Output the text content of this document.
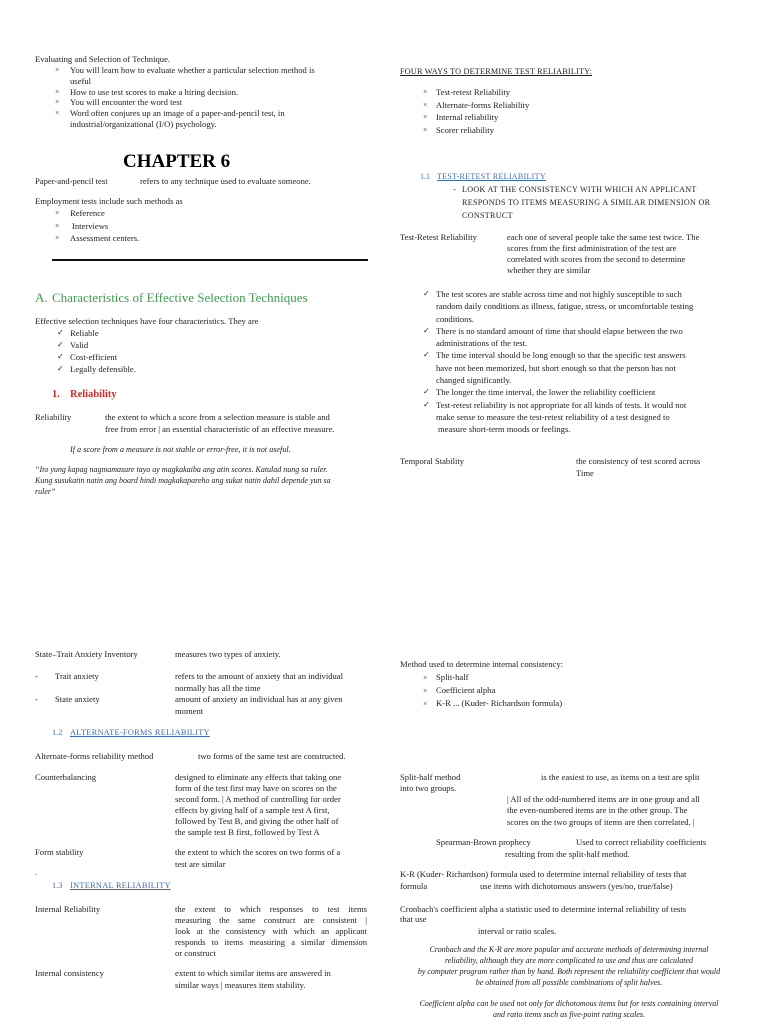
Evaluating and Selection of Technique.
×	You will learn how to evaluate whether a particular selection method is
useful
×	How to use test scores to make a hiring decision.
×	You will encounter the word test
×	Word often conjures up an image of a paper-and-pencil test, in
industrial/organizational (I/O) psychology.
CHAPTER 6
Paper-and-pencil test	refers to any technique used to evaluate someone.
Employment tests include such methods as
×	Reference
×	Interviews
×	Assessment centers.
A. Characteristics of Effective Selection Techniques
Effective selection techniques have four characteristics. They are
✓ Reliable
✓ Valid
✓ Cost-efficient
✓ Legally defensible.
1. Reliability
Reliability	the extent to which a score from a selection measure is stable and
free from error | an essential characteristic of an effective measure.
If a score from a measure is not stable or error-free, it is not useful.
“Ito yung kapag nagmamasure tayo ay magkakaiba ang atin scores. Katulad nung sa ruler.
Kung susukatin natin ang board hindi magkakapareho ang sukat natin dahil depende yun sa
ruler”
FOUR WAYS TO DETERMINE TEST RELIABILITY:
×	Test-retest Reliability
×	Alternate-forms Reliability
×	Internal reliability
×	Scorer reliability
1.1 TEST-RETEST RELIABILITY
- LOOK AT THE CONSISTENCY WITH WHICH AN APPLICANT
RESPONDS TO ITEMS MEASURING A SIMILAR DIMENSION OR
CONSTRUCT
Test-Retest Reliability	each one of several people take the same test twice. The
scores from the first administration of the test are
correlated with scores from the second to determine
whether they are similar
✓ The test scores are stable across time and not highly susceptible to such
random daily conditions as illness, fatigue, stress, or uncomfortable testing
conditions.
✓ There is no standard amount of time that should elapse between the two
administrations of the test.
✓ The time interval should be long enough so that the specific test answers
have not been memorized, but short enough so that the person has not
changed significantly.
✓ The longer the time interval, the lower the reliability coefficient
✓ Test-retest reliability is not appropriate for all kinds of tests. It would not
make sense to measure the test-retest reliability of a test designed to
measure short-term moods or feelings.
Temporal Stability	the consistency of test scored across
Time
State–Trait Anxiety Inventory	measures two types of anxiety.
- Trait anxiety	refers to the amount of anxiety that an individual
normally has all the time
- State anxiety	amount of anxiety an individual has at any given
moment
1.2 ALTERNATE-FORMS RELIABILITY
Alternate-forms reliability method	two forms of the same test are constructed.
Counterbalancing	designed to eliminate any effects that taking one
form of the test first may have on scores on the
second form. | A method of controlling for order
effects by giving half of a sample test A first,
followed by Test B, and giving the other half of
the sample test B first, followed by Test A
Form stability	the extent to which the scores on two forms of a
test are similar
-
1.3 INTERNAL RELIABILITY
Internal Reliability	the extent to which responses to test items
measuring the same construct are consistent |
look at the consistency with which an applicant
responds to items measuring a similar dimension
or construct
Internal consistency	extent to which similar items are answered in
similar ways | measures item stability.
Method used to determine internal consistency:
×	Split-half
×	Coefficient alpha
×	K-R ... (Kuder- Richardson formula)
Split-half method	is the easiest to use, as items on a test are split
into two groups.
| All of the odd-numbered items are in one group and all
the even-numbered items are in the other group. The
scores on the two groups of items are then correlated. |
Spearman-Brown prophecy	Used to correct reliability coefficients
resulting from the split-half method.
K-R (Kuder- Richardson) formula used to determine internal reliability of tests that
formula	use items with dichotomous answers (yes/no, true/false)
Cronbach's coefficient alpha a statistic used to determine internal reliability of tests
that use
interval or ratio scales.
Cronbach and the K-R are more popular and accurate methods of determining internal
reliability, although they are more complicated to use and thus are calculated
by computer program rather than by hand. Both represent the reliability coefficient that would
be obtained from all possible combinations of split halves.
Coefficient alpha can be used not only for dichotomous items but for tests containing interval
and ratio items such as five-point rating scales.
